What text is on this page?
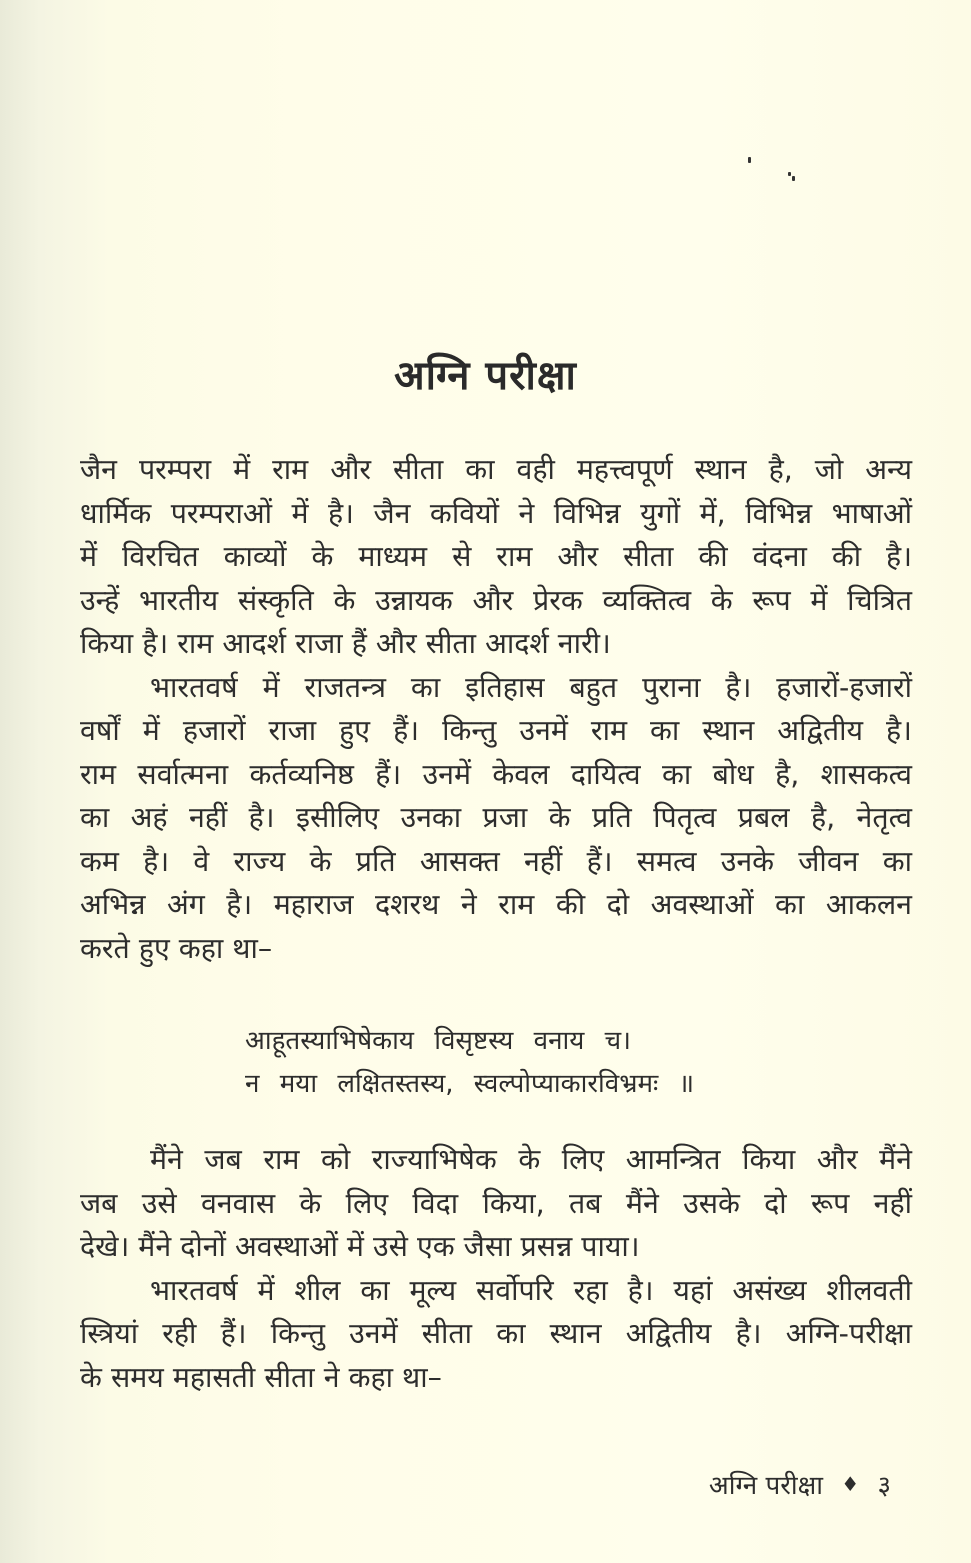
अग्नि परीक्षा
जैन परम्परा में राम और सीता का वही महत्त्वपूर्ण स्थान है, जो अन्य
धार्मिक परम्पराओं में है। जैन कवियों ने विभिन्न युगों में, विभिन्न भाषाओं
में विरचित काव्यों के माध्यम से राम और सीता की वंदना की है।
उन्हें भारतीय संस्कृति के उन्नायक और प्रेरक व्यक्तित्व के रूप में चित्रित
किया है। राम आदर्श राजा हैं और सीता आदर्श नारी।
भारतवर्ष में राजतन्त्र का इतिहास बहुत पुराना है। हजारों-हजारों
वर्षों में हजारों राजा हुए हैं। किन्तु उनमें राम का स्थान अद्वितीय है।
राम सर्वात्मना कर्तव्यनिष्ठ हैं। उनमें केवल दायित्व का बोध है, शासकत्व
का अहं नहीं है। इसीलिए उनका प्रजा के प्रति पितृत्व प्रबल है, नेतृत्व
कम है। वे राज्य के प्रति आसक्त नहीं हैं। समत्व उनके जीवन का
अभिन्न अंग है। महाराज दशरथ ने राम की दो अवस्थाओं का आकलन
करते हुए कहा था–
आहूतस्याभिषेकाय विसृष्टस्य वनाय च।
न मया लक्षितस्तस्य, स्वल्पोप्याकारविभ्रमः ॥
मैंने जब राम को राज्याभिषेक के लिए आमन्त्रित किया और मैंने
जब उसे वनवास के लिए विदा किया, तब मैंने उसके दो रूप नहीं
देखे। मैंने दोनों अवस्थाओं में उसे एक जैसा प्रसन्न पाया।
भारतवर्ष में शील का मूल्य सर्वोपरि रहा है। यहां असंख्य शीलवती
स्त्रियां रही हैं। किन्तु उनमें सीता का स्थान अद्वितीय है। अग्नि-परीक्षा
के समय महासती सीता ने कहा था–
अग्नि परीक्षा ♦ ३
